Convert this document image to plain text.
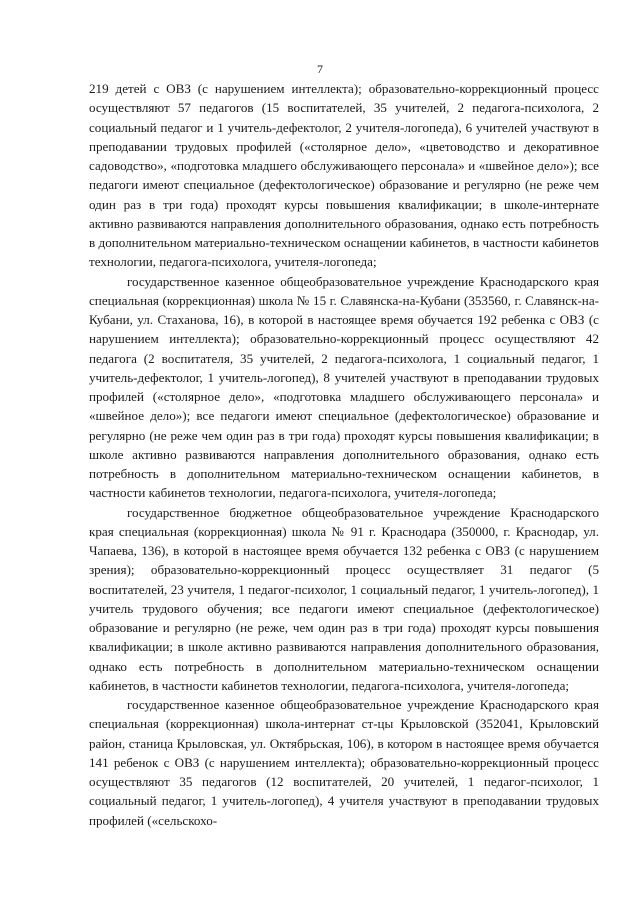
7

219 детей с ОВЗ (с нарушением интеллекта); образовательно-коррекционный процесс осуществляют 57 педагогов (15 воспитателей, 35 учителей, 2 педагога-психолога, 2 социальный педагог и 1 учитель-дефектолог, 2 учителя-логопеда), 6 учителей участвуют в преподавании трудовых профилей («столярное дело», «цветоводство и декоративное садоводство», «подготовка младшего обслуживающего персонала» и «швейное дело»); все педагоги имеют специальное (дефектологическое) образование и регулярно (не реже чем один раз в три года) проходят курсы повышения квалификации; в школе-интернате активно развиваются направления дополнительного образования, однако есть потребность в дополнительном материально-техническом оснащении кабинетов, в частности кабинетов технологии, педагога-психолога, учителя-логопеда;

государственное казенное общеобразовательное учреждение Краснодарского края специальная (коррекционная) школа № 15 г. Славянска-на-Кубани (353560, г. Славянск-на-Кубани, ул. Стаханова, 16), в которой в настоящее время обучается 192 ребенка с ОВЗ (с нарушением интеллекта); образовательно-коррекционный процесс осуществляют 42 педагога (2 воспитателя, 35 учителей, 2 педагога-психолога, 1 социальный педагог, 1 учитель-дефектолог, 1 учитель-логопед), 8 учителей участвуют в преподавании трудовых профилей («столярное дело», «подготовка младшего обслуживающего персонала» и «швейное дело»); все педагоги имеют специальное (дефектологическое) образование и регулярно (не реже чем один раз в три года) проходят курсы повышения квалификации; в школе активно развиваются направления дополнительного образования, однако есть потребность в дополнительном материально-техническом оснащении кабинетов, в частности кабинетов технологии, педагога-психолога, учителя-логопеда;

государственное бюджетное общеобразовательное учреждение Краснодарского края специальная (коррекционная) школа № 91 г. Краснодара (350000, г. Краснодар, ул. Чапаева, 136), в которой в настоящее время обучается 132 ребенка с ОВЗ (с нарушением зрения); образовательно-коррекционный процесс осуществляет 31 педагог (5 воспитателей, 23 учителя, 1 педагог-психолог, 1 социальный педагог, 1 учитель-логопед), 1 учитель трудового обучения; все педагоги имеют специальное (дефектологическое) образование и регулярно (не реже, чем один раз в три года) проходят курсы повышения квалификации; в школе активно развиваются направления дополнительного образования, однако есть потребность в дополнительном материально-техническом оснащении кабинетов, в частности кабинетов технологии, педагога-психолога, учителя-логопеда;

государственное казенное общеобразовательное учреждение Краснодарского края специальная (коррекционная) школа-интернат ст-цы Крыловской (352041, Крыловский район, станица Крыловская, ул. Октябрьская, 106), в котором в настоящее время обучается 141 ребенок с ОВЗ (с нарушением интеллекта); образовательно-коррекционный процесс осуществляют 35 педагогов (12 воспитателей, 20 учителей, 1 педагог-психолог, 1 социальный педагог, 1 учитель-логопед), 4 учителя участвуют в преподавании трудовых профилей («сельскохо-
